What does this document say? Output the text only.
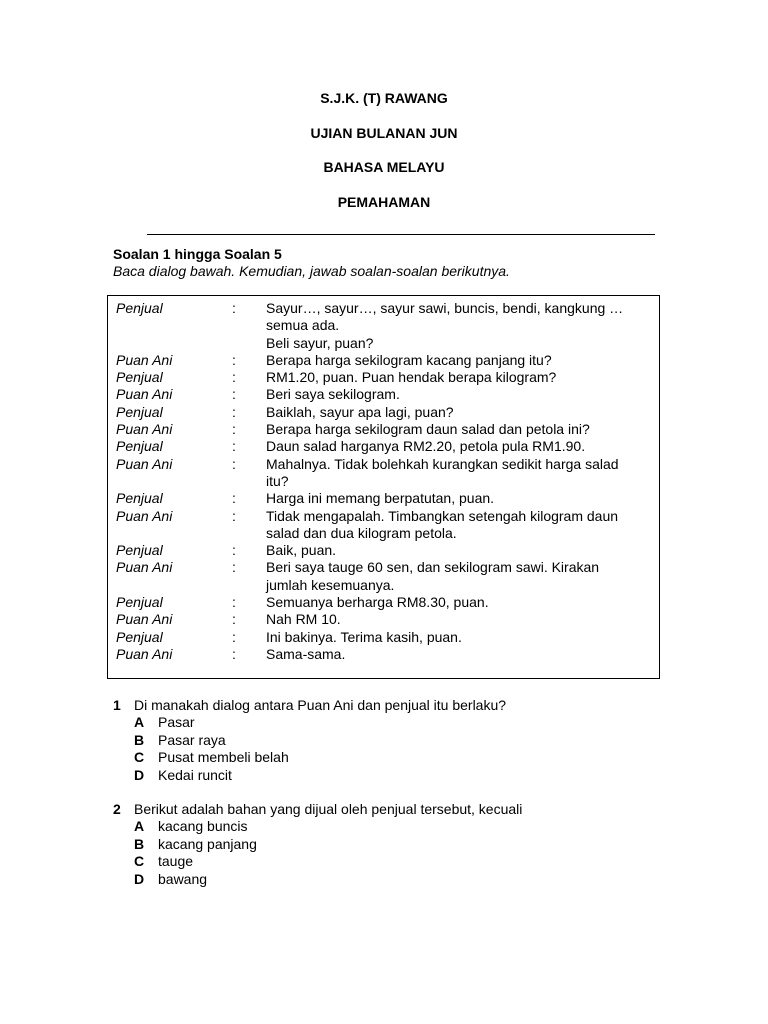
S.J.K. (T) RAWANG
UJIAN BULANAN JUN
BAHASA MELAYU
PEMAHAMAN
Soalan 1 hingga Soalan 5
Baca dialog bawah. Kemudian, jawab soalan-soalan berikutnya.
Penjual	:	Sayur…, sayur…, sayur sawi, buncis, bendi, kangkung …
semua ada.
Beli sayur, puan?
Puan Ani	:	Berapa harga sekilogram kacang panjang itu?
Penjual	:	RM1.20, puan. Puan hendak berapa kilogram?
Puan Ani	:	Beri saya sekilogram.
Penjual	:	Baiklah, sayur apa lagi, puan?
Puan Ani	:	Berapa harga sekilogram daun salad dan petola ini?
Penjual	:	Daun salad harganya RM2.20, petola pula RM1.90.
Puan Ani	:	Mahalnya. Tidak bolehkah kurangkan sedikit harga salad
itu?
Penjual	:	Harga ini memang berpatutan, puan.
Puan Ani	:	Tidak mengapalah. Timbangkan setengah kilogram daun
salad dan dua kilogram petola.
Penjual	:	Baik, puan.
Puan Ani	:	Beri saya tauge 60 sen, dan sekilogram sawi. Kirakan
jumlah kesemuanya.
Penjual	:	Semuanya berharga RM8.30, puan.
Puan Ani	:	Nah RM 10.
Penjual	:	Ini bakinya. Terima kasih, puan.
Puan Ani	:	Sama-sama.
1 Di manakah dialog antara Puan Ani dan penjual itu berlaku?
A Pasar
B Pasar raya
C Pusat membeli belah
D Kedai runcit
2 Berikut adalah bahan yang dijual oleh penjual tersebut, kecuali
A kacang buncis
B kacang panjang
C tauge
D bawang
